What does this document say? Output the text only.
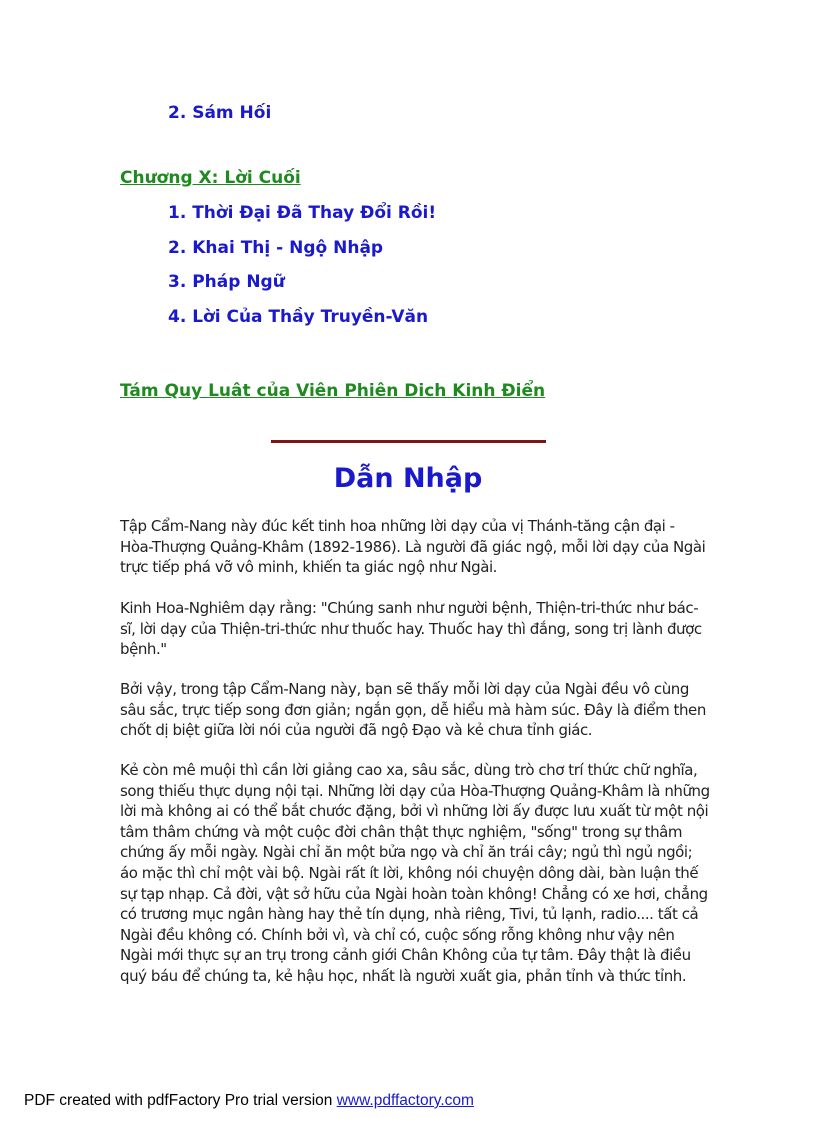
2. Sám Hối

Chương X: Lời Cuối

1. Thời Đại Đã Thay Đổi Rồi!

2. Khai Thị - Ngộ Nhập

3. Pháp Ngữ

4. Lời Của Thầy Truyền-Văn

Tám Quy Luât của Viên Phiên Dich Kinh Điển

Dẫn Nhập

Tập Cẩm-Nang này đúc kết tinh hoa những lời dạy của vị Thánh-tăng cận đại - Hòa-Thượng Quảng-Khâm (1892-1986). Là người đã giác ngộ, mỗi lời dạy của Ngài trực tiếp phá vỡ vô minh, khiến ta giác ngộ như Ngài.

Kinh Hoa-Nghiêm dạy rằng: "Chúng sanh như người bệnh, Thiện-tri-thức như bác-sĩ, lời dạy của Thiện-tri-thức như thuốc hay. Thuốc hay thì đắng, song trị lành được bệnh."

Bởi vậy, trong tập Cẩm-Nang này, bạn sẽ thấy mỗi lời dạy của Ngài đều vô cùng sâu sắc, trực tiếp song đơn giản; ngắn gọn, dễ hiểu mà hàm súc. Đây là điểm then chốt dị biệt giữa lời nói của người đã ngộ Đạo và kẻ chưa tỉnh giác.

Kẻ còn mê muội thì cần lời giảng cao xa, sâu sắc, dùng trò chơ trí thức chữ nghĩa, song thiếu thực dụng nội tại. Những lời dạy của Hòa-Thượng Quảng-Khâm là những lời mà không ai có thể bắt chước đặng, bởi vì những lời ấy được lưu xuất từ một nội tâm thâm chứng và một cuộc đời chân thật thực nghiệm, "sống" trong sự thâm chứng ấy mỗi ngày. Ngài chỉ ăn một bửa ngọ và chỉ ăn trái cây; ngủ thì ngủ ngồi; áo mặc thì chỉ một vài bộ. Ngài rất ít lời, không nói chuyện dông dài, bàn luận thế sự tạp nhạp. Cả đời, vật sở hữu của Ngài hoàn toàn không! Chẳng có xe hơi, chẳng có trương mục ngân hàng hay thẻ tín dụng, nhà riêng, Tivi, tủ lạnh, radio.... tất cả Ngài đều không có. Chính bởi vì, và chỉ có, cuộc sống rỗng không như vậy nên Ngài mới thực sự an trụ trong cảnh giới Chân Không của tự tâm. Đây thật là điều quý báu để chúng ta, kẻ hậu học, nhất là người xuất gia, phản tỉnh và thức tỉnh.

PDF created with pdfFactory Pro trial version www.pdffactory.com
